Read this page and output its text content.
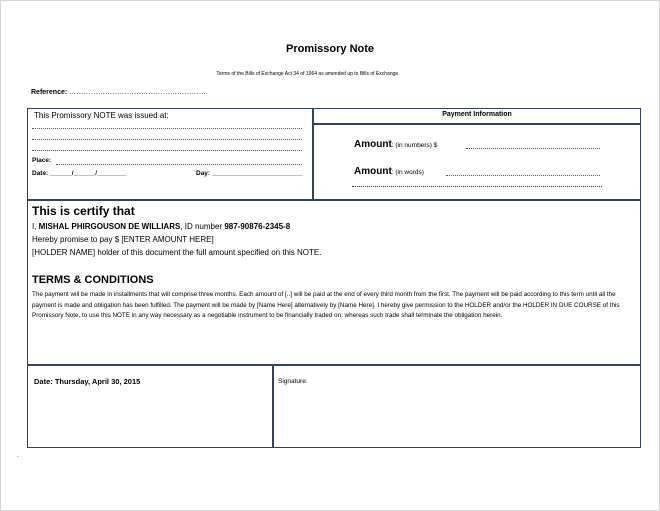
Promissory Note
Terms of the Bills of Exchange Act 34 of 1964 as amended up to Bills of Exchange.
Reference: …………………………………………………
This Promissory NOTE was issued at:
Place:
Date: ______/______/________	Day: _________________________
Payment Information
Amount: (in numbers) $
Amount: (in words)
This is certify that
I, MISHAL PHIRGOUSON DE WILLIARS, ID number 987-90876-2345-8
Hereby promise to pay $ [ENTER AMOUNT HERE]
[HOLDER NAME] holder of this document the full amount specified on this NOTE.
TERMS & CONDITIONS
The payment will be made in installments that will comprise three months. Each amount of [..] will be paid at the end of every third month from the first. The payment will be paid according to this term until all the payment is made and obligation has been fulfilled. The payment will be made by [Name Here] alternatively by [Name Here]. I hereby give permission to the HOLDER and/or the HOLDER IN DUE COURSE of this Promissory Note, to use this NOTE in any way necessary as a negotiable instrument to be financially traded on; whereas such trade shall terminate the obligation herein.
Date: Thursday, April 30, 2015	Signature:
.
